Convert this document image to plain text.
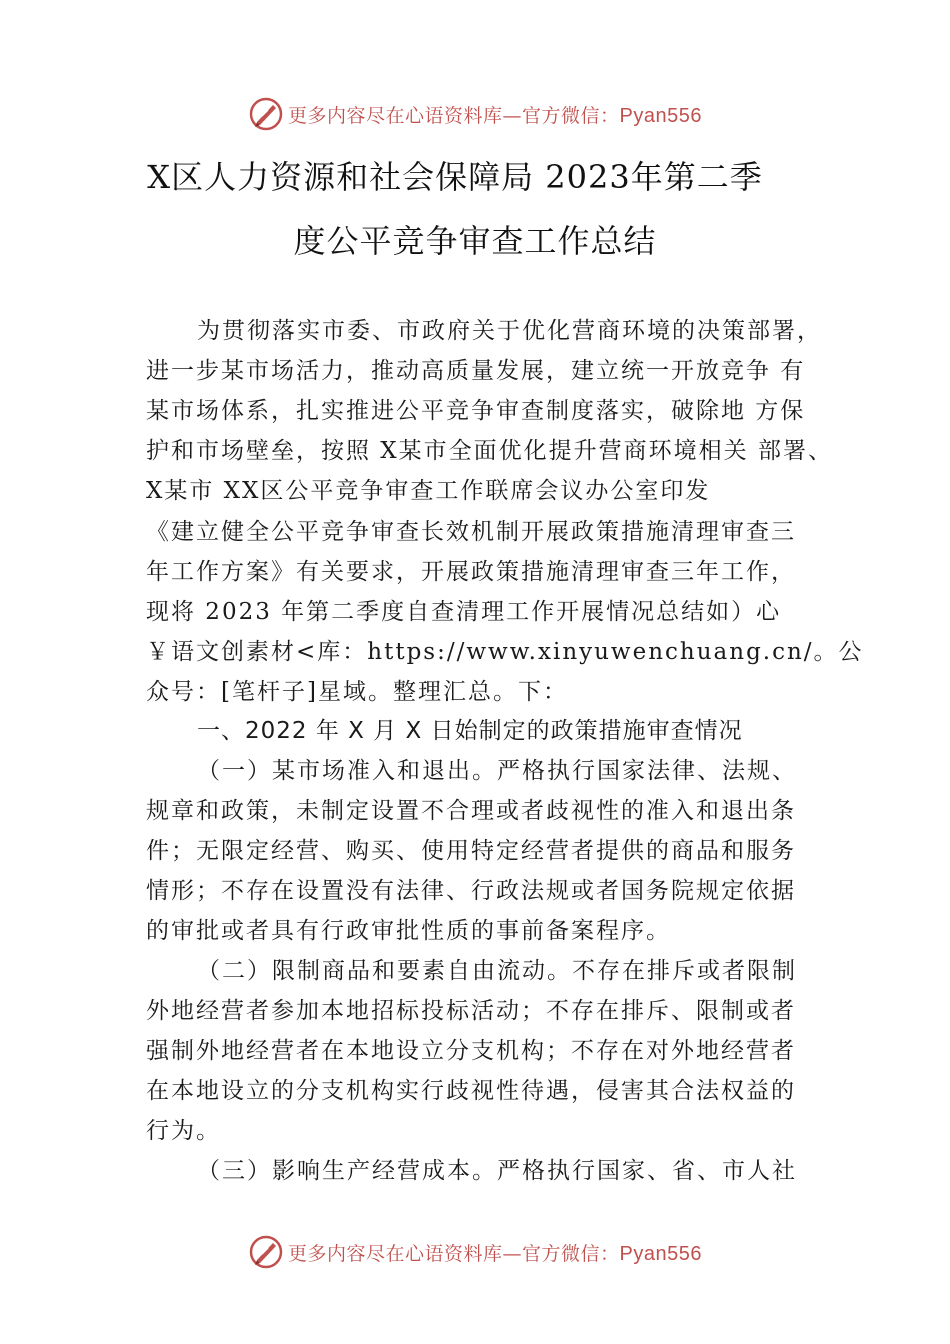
更多内容尽在心语资料库—官方微信：Pyan556
X区人力资源和社会保障局 2023年第二季
度公平竞争审查工作总结
为贯彻落实市委、市政府关于优化营商环境的决策部署，
进一步某市场活力，推动高质量发展，建立统一开放竞争 有
某市场体系，扎实推进公平竞争审查制度落实，破除地 方保
护和市场壁垒，按照 X某市全面优化提升营商环境相关 部署、
X某市 XX区公平竞争审查工作联席会议办公室印发
《建立健全公平竞争审查长效机制开展政策措施清理审查三
年工作方案》有关要求，开展政策措施清理审查三年工作，
现将 2023 年第二季度自查清理工作开展情况总结如）心
￥语文创素材<库：https://www.xinyuwenchuang.cn/。公
众号：[笔杆子]星域。整理汇总。下：
一、2022 年 X 月 X 日始制定的政策措施审查情况
（一）某市场准入和退出。严格执行国家法律、法规、
规章和政策，未制定设置不合理或者歧视性的准入和退出条
件；无限定经营、购买、使用特定经营者提供的商品和服务
情形；不存在设置没有法律、行政法规或者国务院规定依据
的审批或者具有行政审批性质的事前备案程序。
（二）限制商品和要素自由流动。不存在排斥或者限制
外地经营者参加本地招标投标活动；不存在排斥、限制或者
强制外地经营者在本地设立分支机构；不存在对外地经营者
在本地设立的分支机构实行歧视性待遇，侵害其合法权益的
行为。
（三）影响生产经营成本。严格执行国家、省、市人社
更多内容尽在心语资料库—官方微信：Pyan556
